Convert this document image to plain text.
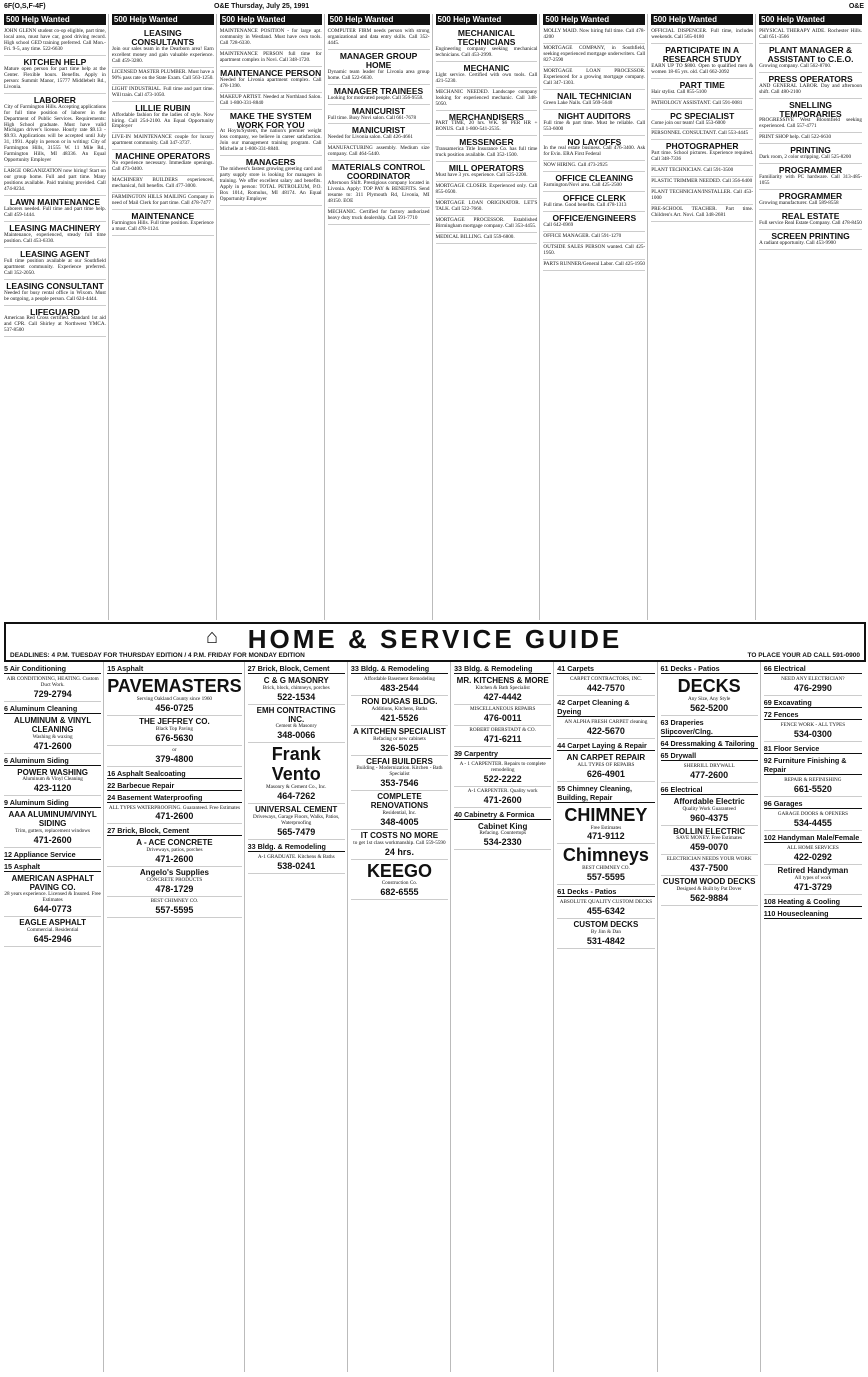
6F(O,S,F-4F)	O&E Thursday, July 25, 1991	O&E
500 Help Wanted
JOHN GLENN student co-op eligible, part time, local area, must have car, good driving record. High school GED training preferred. Call Mon.-Fri. 9-5, any time. 522-6630
KITCHEN HELP
Mature open person for part time help at the Center. Flexible hours. Benefits. Apply in person: Summit Manor, 15777 Middlebelt Rd., Livonia.
LABORER
City of Farmington Hills. Accepting applications for full time position of laborer in the Department of Public Services. Requirements: High School graduate. Must have valid Michigan driver's license. Hourly rate $9.13 - $9.93. Applications will be accepted until July 31, 1991. Apply in person or in writing: City of Farmington Hills, 31555 W. 11 Mile Rd., Farmington Hills, MI 48336. An Equal Opportunity Employer
LARGE ORGANIZATION now hiring! Start on our group home. Full and part time. Many positions available. Paid training provided. Call 474-8234.
LAWN MAINTENANCE
Laborers needed. Full time and part time help. Call 459-1444.
LEASING MACHINERY
Maintenance, experienced, steady full time position. Call 453-6330.
LEASING AGENT
Full time position available at our Southfield apartment community. Experience preferred. Call 352-2050.
LEASING CONSULTANT
Needed for busy rental office in Wixom. Must be outgoing, a people person. Call 624-4444.
LIFEGUARD
American Red Cross certified. Standard 1st aid and CPR. Call Shirley at Northwest YMCA. 537-8500
500 Help Wanted
LEASING CONSULTANTS
Join our sales team in the Dearborn area! Earn excellent money and gain valuable experience. Call 459-3280.
LICENSED MASTER PLUMBER. Must have a 90% pass rate on the State Exam. Call 563-1250.
LIGHT INDUSTRIAL. Full time and part time. Will train. Call 473-1050.
LILLIE RUBIN
Affordable fashion for the ladies of style. Now hiring. Call 254-2100. An Equal Opportunity Employer
LIVE-IN MAINTENANCE couple for luxury apartment community. Call 347-3737.
MACHINE OPERATORS
No experience necessary. Immediate openings. Call 473-0400.
MACHINERY BUILDERS experienced, mechanical, full benefits. Call 477-3000.
FARMINGTON HILLS MAILING Company in need of Mail Clerk for part time. Call 478-7477
MAINTENANCE
Farmington Hills. Full time position. Experience a must. Call 478-1124.
500 Help Wanted
MAINTENANCE POSITION - for large apt. community in Westland. Must have own tools. Call 728-6330.
MAINTENANCE PERSON full time for apartment complex in Novi. Call 348-1720.
MAINTENANCE PERSON
Needed for Livonia apartment complex. Call 478-1390.
MAKEUP ARTIST. Needed at Northland Salon. Call 1-800-331-8840
MAKE THE SYSTEM WORK FOR YOU
At Hoyts/System, the nation's premier weight loss company, we believe in career satisfaction. Join our management training program. Call Michelle at 1-800-331-8840.
MANAGERS
The midwest's fastest growing greeting card and party supply store is looking for managers in training. We offer excellent salary and benefits. Apply in person: TOTAL PETROLEUM, P.O. Box 1014, Romulus, MI 48174. An Equal Opportunity Employer
500 Help Wanted
COMPUTER FIRM needs person with strong organizational and data entry skills. Call 352-4445.
MANAGER GROUP HOME
Dynamic team leader for Livonia area group home. Call 522-6630.
MANAGER TRAINEES
Looking for motivated people. Call 356-9558.
MANICURIST
Full time. Busy Novi salon. Call 661-7678
MANICURIST
Needed for Livonia salon. Call 426-4661
MANUFACTURING assembly. Medium size company. Call 464-5440.
MATERIALS CONTROL COORDINATOR
Afternoon Shift. Prestigious company located in Livonia. Apply: TOP PAY & BENEFITS. Send resume to: 311 Plymouth Rd, Livonia, MI 48150. EOE
MECHANIC. Certified for factory authorized heavy duty truck dealership. Call 591-7710
500 Help Wanted
MECHANICAL TECHNICIANS
Engineering company seeking mechanical technicians. Call 453-2999.
MECHANIC
Light service. Certified with own tools. Call 421-5230.
MECHANIC NEEDED. Landscape company looking for experienced mechanic. Call 348-5050.
MERCHANDISERS
PART TIME, 20 hrs. WK. $6 PER HR + BONUS. Call 1-800-541-2535.
MESSENGER
Transamerica Title Insurance Co. has full time truck position available. Call 352-1500.
MILL OPERATORS
Must have 3 yrs. experience. Call 525-2200.
MORTGAGE CLOSER. Experienced only. Call 855-0500.
MORTGAGE LOAN ORIGINATOR. LET'S TALK. Call 522-7660.
MORTGAGE PROCESSOR. Established Birmingham mortgage company. Call 353-4455.
MEDICAL BILLING. Call 559-6800.
500 Help Wanted
MOLLY MAID. Now hiring full time. Call 478-4200
MORTGAGE COMPANY, in Southfield, seeking experienced mortgage underwriters. Call 827-2590
MORTGAGE LOAN PROCESSOR. Experienced for a growing mortgage company. Call 347-1303.
NAIL TECHNICIAN
Green Lake Nails. Call 569-5640
NIGHT AUDITORS
Full time & part time. Must be reliable. Call 553-6000
NO LAYOFFS
In the real estate business. Call 476-3400. Ask for Evin. ERA First Federal
NOW HIRING. Call 473-2925
OFFICE CLEANING
Farmington/Novi area. Call 425-2500
OFFICE CLERK
Full time. Good benefits. Call 478-1313
OFFICE/ENGINEERS
Call 642-6969
OFFICE MANAGER. Call 591-1270
OUTSIDE SALES PERSON wanted. Call 425-1950.
PARTS RUNNER/General Labor. Call 425-1950
500 Help Wanted
OFFICIAL DISPENCER. Full time, includes weekends. Call 565-0180
PARTICIPATE IN A RESEARCH STUDY
EARN UP TO $800. Open to qualified men & women 18-65 yrs. old. Call 662-2092
PART TIME
Hair stylist. Call 855-5100
PATHOLOGY ASSISTANT. Call 591-0081
PC SPECIALIST
Come join our team! Call 553-6000
PERSONNEL CONSULTANT. Call 553-4445
PHOTOGRAPHER
Part time. School pictures. Experience required. Call 348-7336
PLANT TECHNICIAN. Call 591-3500
PLASTIC TRIMMER NEEDED. Call 356-6400
PLANT TECHNICIAN/INSTALLER. Call 453-1000
PRE-SCHOOL TEACHER. Part time. Children's Art. Novi. Call 348-2681
500 Help Wanted
PHYSICAL THERAPY AIDE. Rochester Hills. Call 651-3566
PLANT MANAGER & ASSISTANT to C.E.O.
Growing company. Call 562-8700.
PRESS OPERATORS
AND GENERAL LABOR. Day and afternoon shift. Call 480-2100
SNELLING TEMPORARIES
PROGRESSIVE West Bloomfield seeking experienced. Call 557-4771
PRINT SHOP help. Call 522-6630
PRINTING
Dark room, 2 color stripping. Call 525-8200
PROGRAMMER
Familiarity with PC hardware. Call 313-485-1055
PROGRAMMER
Growing manufacturer. Call 589-8558
REAL ESTATE
Full service Real Estate Company. Call 478-8450
SCREEN PRINTING
A radiant opportunity. Call 453-9900
⌂	HOME & SERVICE GUIDE
DEADLINES: 4 P.M. TUESDAY FOR THURSDAY EDITION / 4 P.M. FRIDAY FOR MONDAY EDITION	TO PLACE YOUR AD CALL 591-0900
5 Air Conditioning
AIR CONDITIONING, HEATING. Custom Duct Work.
729-2794
6 Aluminum Cleaning
ALUMINUM & VINYL CLEANING
Washing & waxing
471-2600
6 Aluminum Siding
POWER WASHING
Aluminum & Vinyl Cleaning
423-1120
9 Aluminum Siding
AAA ALUMINUM/VINYL SIDING
Trim, gutters, replacement windows
471-2600
12 Appliance Service
15 Asphalt
AMERICAN ASPHALT PAVING CO.
28 years experience. Licensed & Insured. Free Estimates
644-0773
EAGLE ASPHALT
Commercial. Residential
645-2946
15 Asphalt
PAVEMASTERS
Serving Oakland County since 1960
456-0725
THE JEFFREY CO.
Black Top Paving
676-5630
or
379-4800
16 Asphalt Sealcoating
22 Barbecue Repair
24 Basement Waterproofing
ALL TYPES WATERPROOFING. Guaranteed. Free Estimates
471-2600
27 Brick, Block, Cement
A - ACE CONCRETE
Driveways, patios, porches
471-2600
Angelo's Supplies
CONCRETE PRODUCTS
478-1729
BEST CHIMNEY CO.
557-5595
27 Brick, Block, Cement
C & G MASONRY
Brick, block, chimneys, porches
522-1534
EMH CONTRACTING INC.
Cement & Masonry
348-0066
Frank Vento
Masonry & Cement Co., Inc.
464-7262
UNIVERSAL CEMENT
Driveways, Garage Floors, Walks, Patios, Waterproofing
565-7479
33 Bldg. & Remodeling
A-1 GRADUATE. Kitchens & Baths
538-0241
33 Bldg. & Remodeling
Affordable Basement Remodeling
483-2544
RON DUGAS BLDG.
Additions, Kitchens, Baths
421-5526
A KITCHEN SPECIALIST
Refacing or new cabinets
326-5025
CEFAI BUILDERS
Building - Modernization. Kitchen - Bath Specialist
353-7546
COMPLETE RENOVATIONS
Residential, Inc.
348-4005
IT COSTS NO MORE
to get 1st class workmanship. Call 559-5590
24 hrs.
KEEGO
Construction Co.
682-6555
33 Bldg. & Remodeling
MR. KITCHENS & MORE
Kitchen & Bath Specialist
427-4442
MISCELLANEOUS REPAIRS
476-0011
ROBERT OBERSTADT & CO.
471-6211
39 Carpentry
A - 1 CARPENTER. Repairs to complete remodeling
522-2222
A-1 CARPENTER. Quality work
471-2600
40 Cabinetry & Formica
Cabinet King
Refacing. Countertops
534-2330
41 Carpets
CARPET CONTRACTORS, INC.
442-7570
42 Carpet Cleaning & Dyeing
AN ALPHA FRESH CARPET cleaning
422-5670
44 Carpet Laying & Repair
AN CARPET REPAIR
ALL TYPES OF REPAIRS
626-4901
55 Chimney Cleaning, Building, Repair
CHIMNEY
Free Estimates
471-9112
Chimneys
BEST CHIMNEY CO.
557-5595
61 Decks - Patios
ABSOLUTE QUALITY CUSTOM DECKS
455-6342
CUSTOM DECKS
By Jim & Dan
531-4842
61 Decks - Patios
DECKS
Any Size, Any Style
562-5200
63 Draperies Slipcover/Clng.
64 Dressmaking & Tailoring
65 Drywall
SHERRILL DRYWALL
477-2600
66 Electrical
Affordable Electric
Quality Work Guaranteed
960-4375
BOLLIN ELECTRIC
SAVE MONEY. Free Estimates
459-0070
ELECTRICIAN NEEDS YOUR WORK
437-7500
CUSTOM WOOD DECKS
Designed & Built by Pat Dover
562-9884
66 Electrical
NEED ANY ELECTRICIAN?
476-2990
69 Excavating
72 Fences
FENCE WORK - ALL TYPES
534-0300
81 Floor Service
92 Furniture Finishing & Repair
REPAIR & REFINISHING
661-5520
96 Garages
GARAGE DOORS & OPENERS
534-4455
102 Handyman Male/Female
ALL HOME SERVICES
422-0292
Retired Handyman
All types of work
471-3729
108 Heating & Cooling
110 Housecleaning
